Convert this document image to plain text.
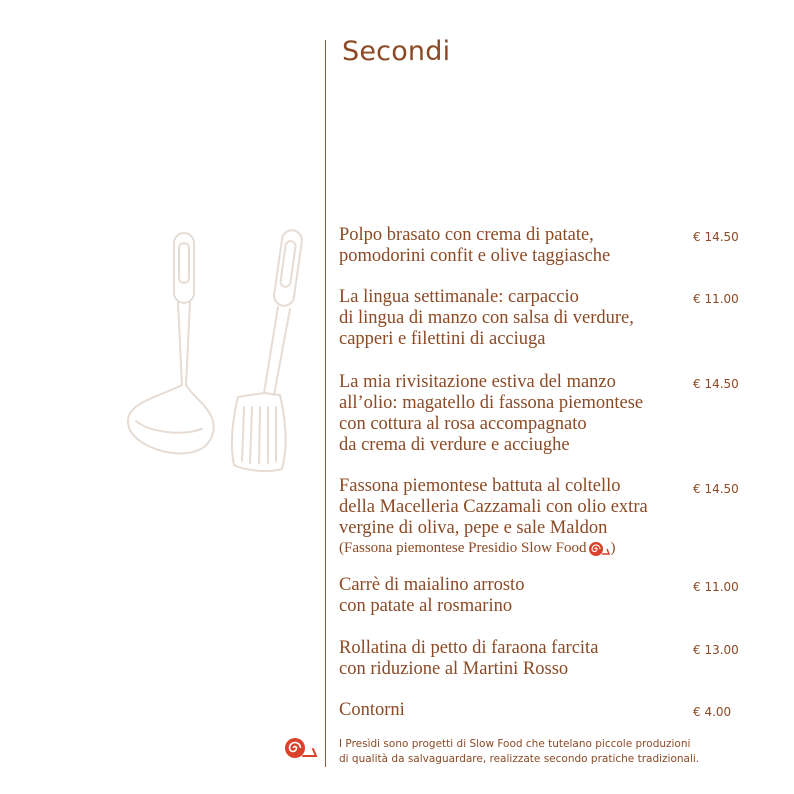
Secondi
Polpo brasato con crema di patate,
pomodorini confit e olive taggiasche
€ 14.50
La lingua settimanale: carpaccio
di lingua di manzo con salsa di verdure,
capperi e filettini di acciuga
€ 11.00
La mia rivisitazione estiva del manzo
all’olio: magatello di fassona piemontese
con cottura al rosa accompagnato
da crema di verdure e acciughe
€ 14.50
Fassona piemontese battuta al coltello
della Macelleria Cazzamali con olio extra
vergine di oliva, pepe e sale Maldon
(Fassona piemontese Presidio Slow Food )
€ 14.50
Carrè di maialino arrosto
con patate al rosmarino
€ 11.00
Rollatina di petto di faraona farcita
con riduzione al Martini Rosso
€ 13.00
Contorni	€ 4.00
I Presìdi sono progetti di Slow Food che tutelano piccole produzioni
di qualità da salvaguardare, realizzate secondo pratiche tradizionali.
